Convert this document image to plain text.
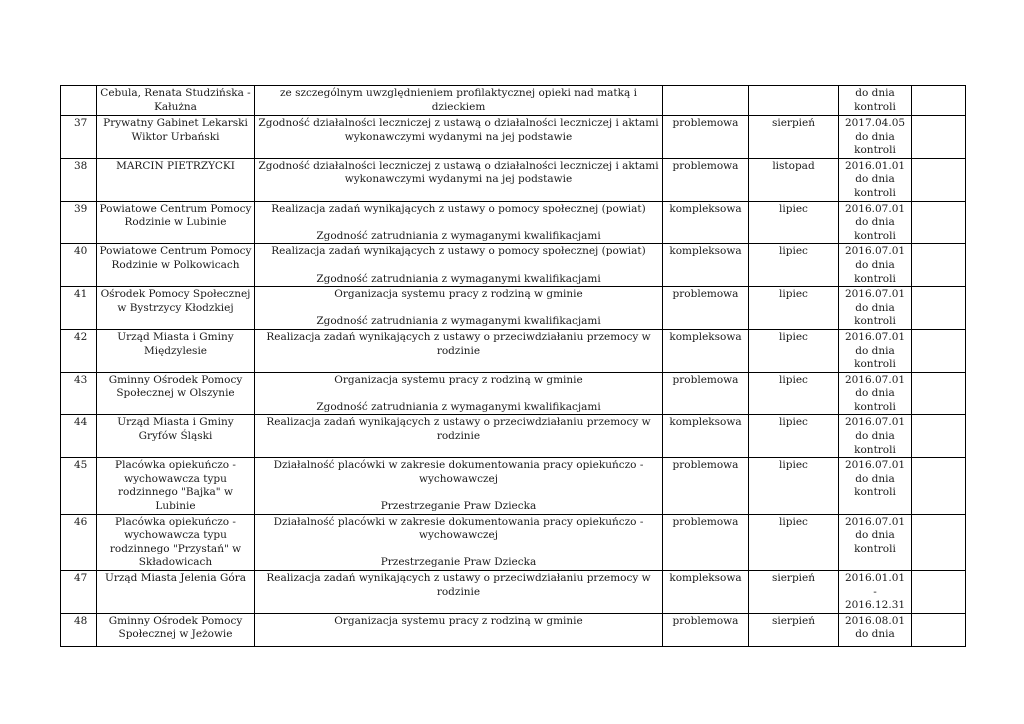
	Cebula, Renata Studzińska - Kałużna	ze szczególnym uwzględnieniem profilaktycznej opieki nad matką i dzieckiem			do dnia
kontroli	

37	Prywatny Gabinet Lekarski Wiktor Urbański	Zgodność działalności leczniczej z ustawą o działalności leczniczej i aktami wykonawczymi wydanymi na jej podstawie	problemowa	sierpień	2017.04.05
do dnia
kontroli	

38	MARCIN PIETRZYCKI	Zgodność działalności leczniczej z ustawą o działalności leczniczej i aktami wykonawczymi wydanymi na jej podstawie	problemowa	listopad	2016.01.01
do dnia
kontroli	

39	Powiatowe Centrum Pomocy Rodzinie w Lubinie	Realizacja zadań wynikających z ustawy o pomocy społecznej (powiat)
Zgodność zatrudniania z wymaganymi kwalifikacjami	kompleksowa	lipiec	2016.07.01
do dnia
kontroli	

40	Powiatowe Centrum Pomocy Rodzinie w Polkowicach	Realizacja zadań wynikających z ustawy o pomocy społecznej (powiat)
Zgodność zatrudniania z wymaganymi kwalifikacjami	kompleksowa	lipiec	2016.07.01
do dnia
kontroli	

41	Ośrodek Pomocy Społecznej w Bystrzycy Kłodzkiej	Organizacja systemu pracy z rodziną w gminie
Zgodność zatrudniania z wymaganymi kwalifikacjami	problemowa	lipiec	2016.07.01
do dnia
kontroli	

42	Urząd Miasta i Gminy Międzylesie	Realizacja zadań wynikających z ustawy o przeciwdziałaniu przemocy w rodzinie	kompleksowa	lipiec	2016.07.01
do dnia
kontroli	

43	Gminny Ośrodek Pomocy Społecznej w Olszynie	Organizacja systemu pracy z rodziną w gminie
Zgodność zatrudniania z wymaganymi kwalifikacjami	problemowa	lipiec	2016.07.01
do dnia
kontroli	

44	Urząd Miasta i Gminy Gryfów Śląski	Realizacja zadań wynikających z ustawy o przeciwdziałaniu przemocy w rodzinie	kompleksowa	lipiec	2016.07.01
do dnia
kontroli	

45	Placówka opiekuńczo - wychowawcza typu rodzinnego "Bajka" w Lubinie	Działalność placówki w zakresie dokumentowania pracy opiekuńczo - wychowawczej
Przestrzeganie Praw Dziecka	problemowa	lipiec	2016.07.01
do dnia
kontroli	

46	Placówka opiekuńczo - wychowawcza typu rodzinnego "Przystań" w Składowicach	Działalność placówki w zakresie dokumentowania pracy opiekuńczo - wychowawczej
Przestrzeganie Praw Dziecka	problemowa	lipiec	2016.07.01
do dnia
kontroli	

47	Urząd Miasta Jelenia Góra	Realizacja zadań wynikających z ustawy o przeciwdziałaniu przemocy w rodzinie	kompleksowa	sierpień	2016.01.01
-
2016.12.31	

48	Gminny Ośrodek Pomocy Społecznej w Jeżowie	Organizacja systemu pracy z rodziną w gminie	problemowa	sierpień	2016.08.01
do dnia	
